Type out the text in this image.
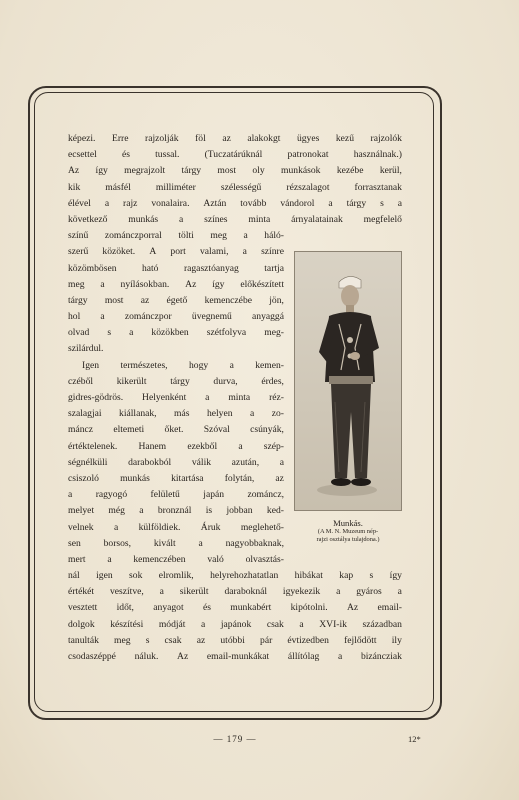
képezi. Erre rajzolják föl az alakokgt ügyes kezű rajzolók
ecsettel	és	tussal.	(Tuczatárúknál	patronokat	használnak.)
Az így megrajzolt tárgy most oly munkások kezébe kerül,
kik	másfél	milliméter	szélességű	rézszalagot	forrasztanak
élével a rajz vonalaira. Aztán tovább vándorol a tárgy s a
következő munkás a színes minta árnyalatainak megfelelő
színű zománczporral tölti meg a háló-
szerű közöket. A port valami, a színre
közömbösen	ható	ragasztóanyag	tartja
meg a nyílásokban. Az így előkészített
tárgy most az égető kemenczébe jön,
hol a zománczpor üvegnemű anyaggá
olvad s a közökben szétfolyva meg-
szilárdul.
Igen természetes, hogy a kemen-
czéből kikerült tárgy durva, érdes,
gidres-gödrös. Helyenként a minta réz-
szalagjai kiállanak, más helyen a zo-
máncz eltemeti őket. Szóval csúnyák,
értéktelenek. Hanem ezekből a szép-
ségnélküli darabokból válik azután, a
csiszoló munkás kitartása folytán, az
a ragyogó felületű japán zománcz,
melyet még a bronznál is jobban ked-
velnek a külföldiek. Áruk meglehető-
sen borsos, kivált a nagyobbaknak,
mert a kemenczében való olvasztás-
nál igen sok elromlik, helyrehozhatatlan hibákat kap s így
értékét veszítve, a sikerült daraboknál igyekezik a gyáros a
vesztett időt, anyagot és munkabért kipótolni. Az email-
dolgok készítési módját a japánok csak a XVI-ik században
tanulták meg s csak az utóbbi pár évtizedben fejlődött ily
csodaszéppé náluk. Az email-munkákat állítólag a bizáncziak
Munkás.
(A M. N. Muzeum nép-
rajzi osztálya tulajdona.)
— 179 —	12*
